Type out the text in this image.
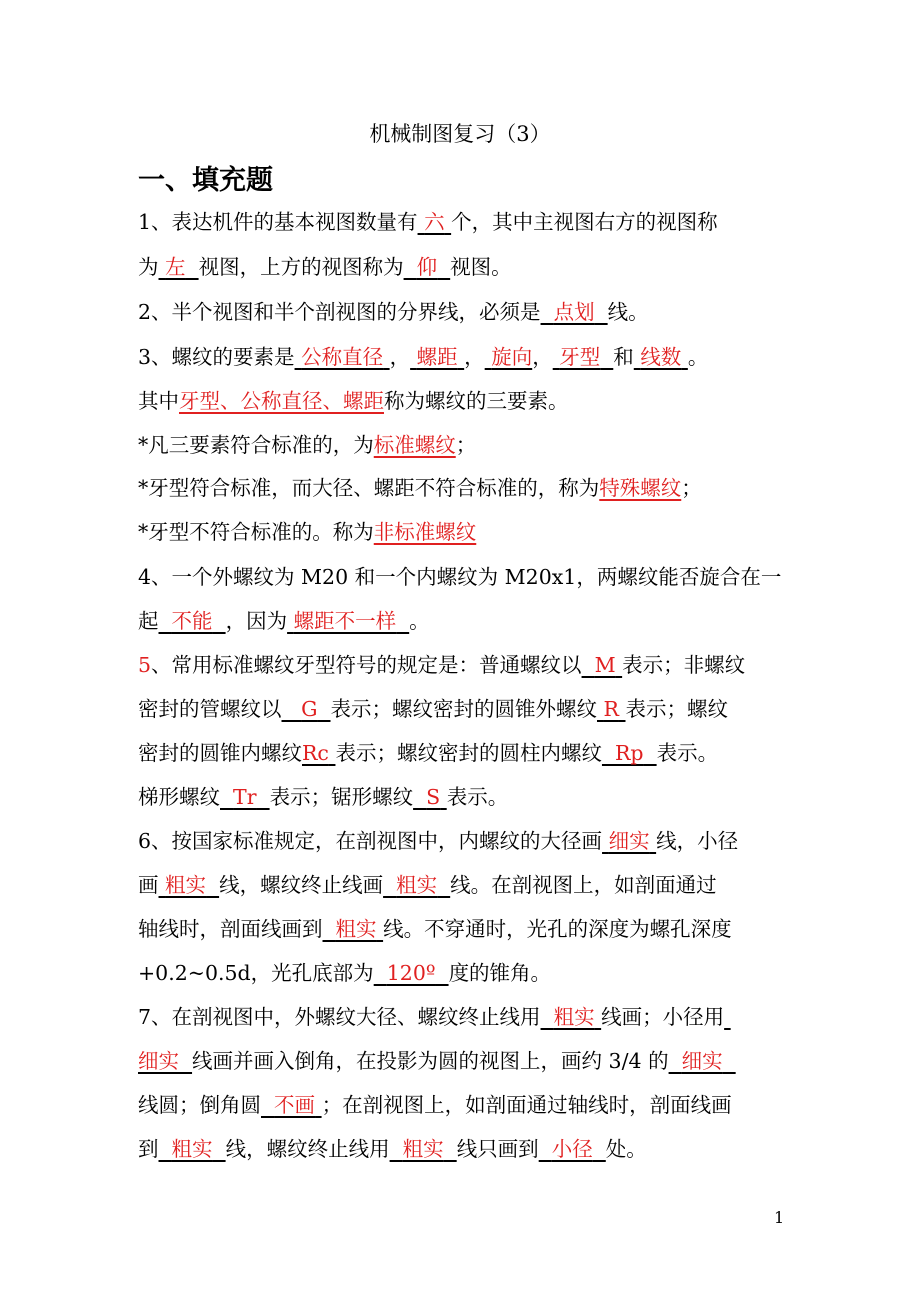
机械制图复习（3）
一、填充题
1、表达机件的基本视图数量有 六 个，其中主视图右方的视图称
为 左 视图，上方的视图称为 仰 视图。
2、半个视图和半个剖视图的分界线，必须是 点划 线。
3、螺纹的要素是 公称直径 ， 螺距 ， 旋向， 牙型 和 线数 。
其中牙型、公称直径、螺距称为螺纹的三要素。
*凡三要素符合标准的，为标准螺纹；
*牙型符合标准，而大径、螺距不符合标准的，称为特殊螺纹；
*牙型不符合标准的。称为非标准螺纹
4、一个外螺纹为 M20 和一个内螺纹为 M20x1，两螺纹能否旋合在一
起 不能 ，因为 螺距不一样 。
5、常用标准螺纹牙型符号的规定是：普通螺纹以 M 表示；非螺纹
密封的管螺纹以 G 表示；螺纹密封的圆锥外螺纹 R 表示；螺纹
密封的圆锥内螺纹Rc 表示；螺纹密封的圆柱内螺纹 Rp 表示。
梯形螺纹 Tr 表示；锯形螺纹 S 表示。
6、按国家标准规定，在剖视图中，内螺纹的大径画 细实 线，小径
画 粗实 线，螺纹终止线画 粗实 线。在剖视图上，如剖面通过
轴线时，剖面线画到 粗实 线。不穿通时，光孔的深度为螺孔深度
+0.2~0.5d，光孔底部为 120º 度的锥角。
7、在剖视图中，外螺纹大径、螺纹终止线用 粗实 线画；小径用
细实 线画并画入倒角，在投影为圆的视图上，画约 3/4 的 细实
线圆；倒角圆 不画 ；在剖视图上，如剖面通过轴线时，剖面线画
到 粗实 线，螺纹终止线用 粗实 线只画到 小径 处。
1
